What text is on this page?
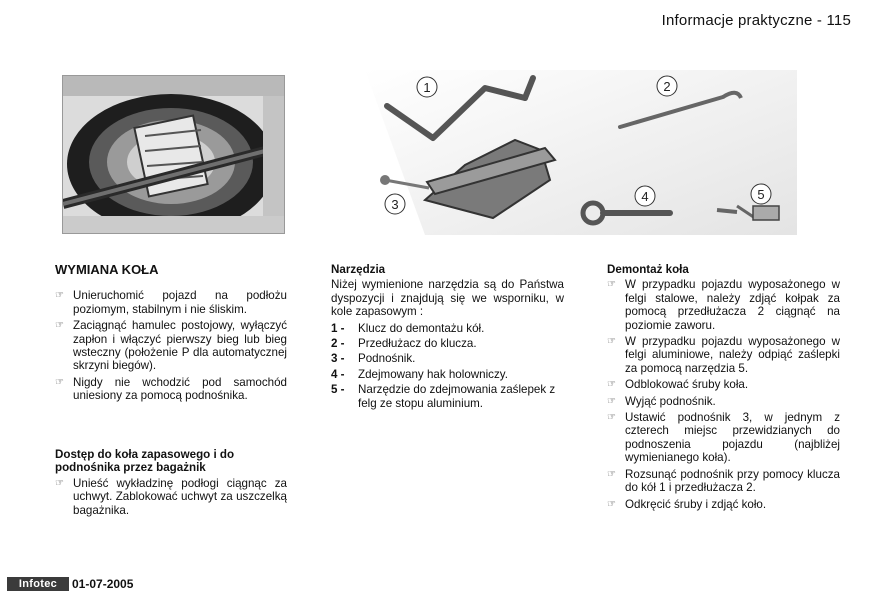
Informacje praktyczne - 115
1	2
3
4	5
WYMIANA KOŁA
☞ Unieruchomić pojazd na podłożu poziomym, stabilnym i nie śliskim.
☞ Zaciągnąć hamulec postojowy, wyłączyć zapłon i włączyć pierwszy bieg lub bieg wsteczny (położenie P dla automatycznej skrzyni biegów).
☞ Nigdy nie wchodzić pod samochód uniesiony za pomocą podnośnika.
Dostęp do koła zapasowego i do podnośnika przez bagażnik
☞ Unieść wykładzinę podłogi ciągnąc za uchwyt. Zablokować uchwyt za uszczelką bagażnika.
Narzędzia
Niżej wymienione narzędzia są do Państwa dyspozycji i znajdują się we wsporniku, w kole zapasowym :
1 -	Klucz do demontażu kół.
2 -	Przedłużacz do klucza.
3 -	Podnośnik.
4 -	Zdejmowany hak holowniczy.
5 -	Narzędzie do zdejmowania zaślepek z felg ze stopu aluminium.
Demontaż koła
☞ W przypadku pojazdu wyposażonego w felgi stalowe, należy zdjąć kołpak za pomocą przedłużacza 2 ciągnąć na poziomie zaworu.
☞ W przypadku pojazdu wyposażonego w felgi aluminiowe, należy odpiąć zaślepki za pomocą narzędzia 5.
☞ Odblokować śruby koła.
☞ Wyjąć podnośnik.
☞ Ustawić podnośnik 3, w jednym z czterech miejsc przewidzianych do podnoszenia pojazdu (najbliżej wymienianego koła).
☞ Rozsunąć podnośnik przy pomocy klucza do kół 1 i przedłużacza 2.
☞ Odkręcić śruby i zdjąć koło.
Infotec	01-07-2005
